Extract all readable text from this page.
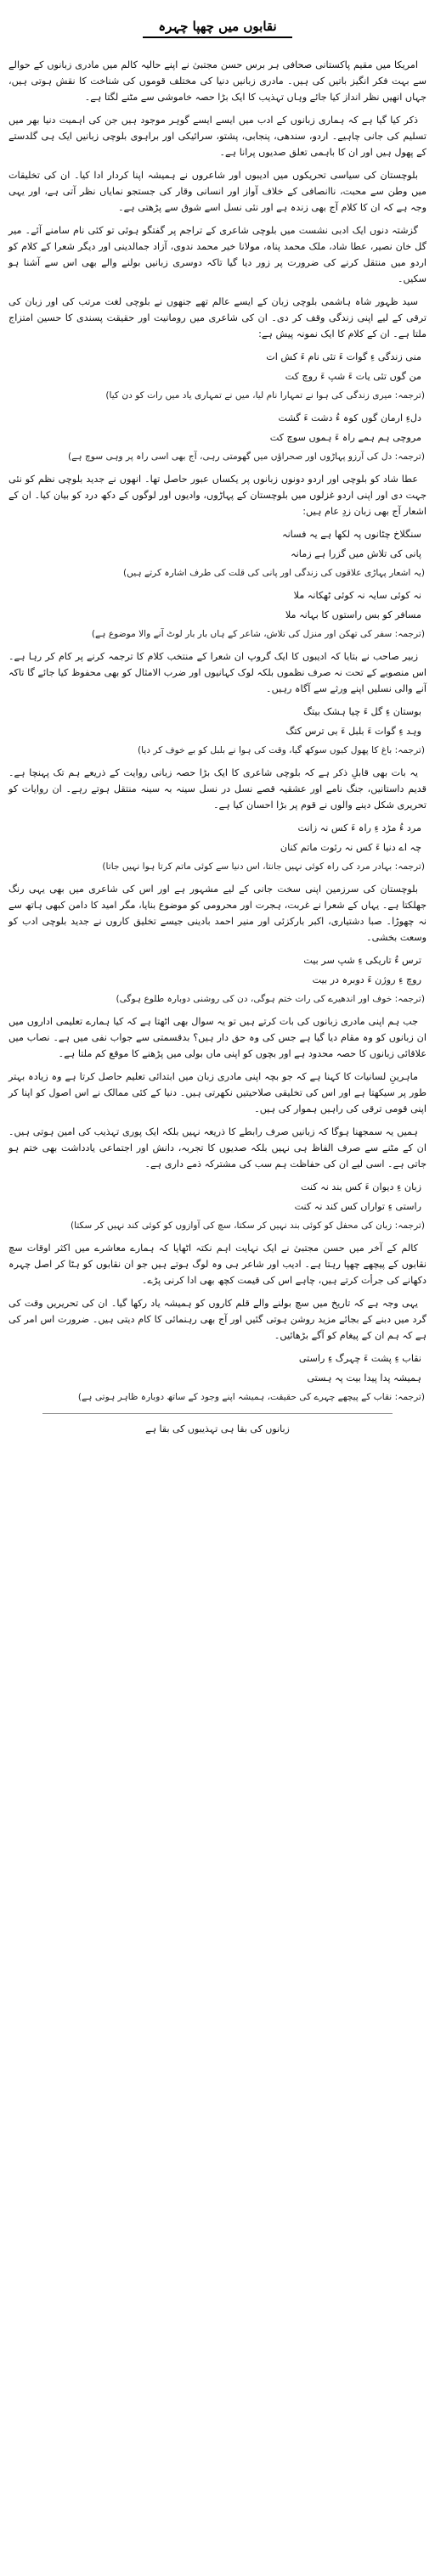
نقابوں میں چھپا چہرہ

امریکا میں مقیم پاکستانی صحافی ہر برس حسن مجتبیٰ نے اپنے حالیہ کالم میں مادری زبانوں کے حوالے سے بہت فکر انگیز باتیں کی ہیں۔ مادری زبانیں دنیا کی مختلف قوموں کی شناخت کا نقش ہوتی ہیں، جہاں انھیں نظر انداز کیا جائے وہاں تہذیب کا ایک بڑا حصہ خاموشی سے مٹنے لگتا ہے۔

ذکر کیا گیا ہے کہ ہماری زبانوں کے ادب میں ایسے ایسے گوہر موجود ہیں جن کی اہمیت دنیا بھر میں تسلیم کی جانی چاہیے۔ اردو، سندھی، پنجابی، پشتو، سرائیکی اور براہوی بلوچی زبانیں ایک ہی گلدستے کے پھول ہیں اور ان کا باہمی تعلق صدیوں پرانا ہے۔

بلوچستان کی سیاسی تحریکوں میں ادیبوں اور شاعروں نے ہمیشہ اپنا کردار ادا کیا۔ ان کی تخلیقات میں وطن سے محبت، ناانصافی کے خلاف آواز اور انسانی وقار کی جستجو نمایاں نظر آتی ہے، اور یہی وجہ ہے کہ ان کا کلام آج بھی زندہ ہے اور نئی نسل اسے شوق سے پڑھتی ہے۔

گزشتہ دنوں ایک ادبی نشست میں بلوچی شاعری کے تراجم پر گفتگو ہوئی تو کئی نام سامنے آئے۔ میر گل خان نصیر، عطا شاد، ملک محمد پناہ، مولانا خیر محمد ندوی، آزاد جمالدینی اور دیگر شعرا کے کلام کو اردو میں منتقل کرنے کی ضرورت پر زور دیا گیا تاکہ دوسری زبانیں بولنے والے بھی اس سے آشنا ہو سکیں۔

سید ظہور شاہ ہاشمی بلوچی زبان کے ایسے عالم تھے جنھوں نے بلوچی لغت مرتب کی اور زبان کی ترقی کے لیے اپنی زندگی وقف کر دی۔ ان کی شاعری میں رومانیت اور حقیقت پسندی کا حسین امتزاج ملتا ہے۔ ان کے کلام کا ایک نمونہ پیش ہے:

منی زندگی ءِ گوات ءَ تئی نام ءَ کش ات

من گوں تئی یات ءَ شپ ءَ روچ کت

(ترجمہ: میری زندگی کی ہوا نے تمہارا نام لیا، میں نے تمہاری یاد میں رات کو دن کیا)

دلءِ ارمان گوں کوہ ءُ دشت ءَ گشت

مروچی ہم ہمے راہ ءَ ہموں سوچ کت

(ترجمہ: دل کی آرزو پہاڑوں اور صحراؤں میں گھومتی رہی، آج بھی اسی راہ پر وہی سوچ ہے)

عطا شاد کو بلوچی اور اردو دونوں زبانوں پر یکساں عبور حاصل تھا۔ انھوں نے جدید بلوچی نظم کو نئی جہت دی اور اپنی اردو غزلوں میں بلوچستان کے پہاڑوں، وادیوں اور لوگوں کے دکھ درد کو بیان کیا۔ ان کے اشعار آج بھی زبان زدِ عام ہیں:

سنگلاخ چٹانوں پہ لکھا ہے یہ فسانہ

پانی کی تلاش میں گزرا ہے زمانہ

(یہ اشعار پہاڑی علاقوں کی زندگی اور پانی کی قلت کی طرف اشارہ کرتے ہیں)

نہ کوئی سایہ نہ کوئی ٹھکانہ ملا

مسافر کو بس راستوں کا بہانہ ملا

(ترجمہ: سفر کی تھکن اور منزل کی تلاش، شاعر کے ہاں بار بار لوٹ آنے والا موضوع ہے)

زبیر صاحب نے بتایا کہ ادیبوں کا ایک گروپ ان شعرا کے منتخب کلام کا ترجمہ کرنے پر کام کر رہا ہے۔ اس منصوبے کے تحت نہ صرف نظموں بلکہ لوک کہانیوں اور ضرب الامثال کو بھی محفوظ کیا جائے گا تاکہ آنے والی نسلیں اپنے ورثے سے آگاہ رہیں۔

بوستان ءِ گل ءَ چیا ہشک بیتگ

وہد ءِ گوات ءَ بلبل ءَ بی ترس کتگ

(ترجمہ: باغ کا پھول کیوں سوکھ گیا، وقت کی ہوا نے بلبل کو بے خوف کر دیا)

یہ بات بھی قابلِ ذکر ہے کہ بلوچی شاعری کا ایک بڑا حصہ زبانی روایت کے ذریعے ہم تک پہنچا ہے۔ قدیم داستانیں، جنگ نامے اور عشقیہ قصے نسل در نسل سینہ بہ سینہ منتقل ہوتے رہے۔ ان روایات کو تحریری شکل دینے والوں نے قوم پر بڑا احسان کیا ہے۔

مرد ءُ مڑد ءِ راہ ءَ کس نہ زانت

چہ اے دنیا ءَ کس نہ رئوت ماتم کنان

(ترجمہ: بہادر مرد کی راہ کوئی نہیں جانتا، اس دنیا سے کوئی ماتم کرتا ہوا نہیں جاتا)

بلوچستان کی سرزمین اپنی سخت جانی کے لیے مشہور ہے اور اس کی شاعری میں بھی یہی رنگ جھلکتا ہے۔ یہاں کے شعرا نے غربت، ہجرت اور محرومی کو موضوع بنایا، مگر امید کا دامن کبھی ہاتھ سے نہ چھوڑا۔ صبا دشتیاری، اکبر بارکزئی اور منیر احمد بادینی جیسے تخلیق کاروں نے جدید بلوچی ادب کو وسعت بخشی۔

ترس ءُ تاریکی ءِ شپ سر بیت

روچ ءِ روژن ءَ دوبرہ در بیت

(ترجمہ: خوف اور اندھیرے کی رات ختم ہوگی، دن کی روشنی دوبارہ طلوع ہوگی)

جب ہم اپنی مادری زبانوں کی بات کرتے ہیں تو یہ سوال بھی اٹھتا ہے کہ کیا ہمارے تعلیمی اداروں میں ان زبانوں کو وہ مقام دیا گیا ہے جس کی وہ حق دار ہیں؟ بدقسمتی سے جواب نفی میں ہے۔ نصاب میں علاقائی زبانوں کا حصہ محدود ہے اور بچوں کو اپنی ماں بولی میں پڑھنے کا موقع کم ملتا ہے۔

ماہرینِ لسانیات کا کہنا ہے کہ جو بچہ اپنی مادری زبان میں ابتدائی تعلیم حاصل کرتا ہے وہ زیادہ بہتر طور پر سیکھتا ہے اور اس کی تخلیقی صلاحیتیں نکھرتی ہیں۔ دنیا کے کئی ممالک نے اس اصول کو اپنا کر اپنی قومی ترقی کی راہیں ہموار کی ہیں۔

ہمیں یہ سمجھنا ہوگا کہ زبانیں صرف رابطے کا ذریعہ نہیں بلکہ ایک پوری تہذیب کی امین ہوتی ہیں۔ ان کے مٹنے سے صرف الفاظ ہی نہیں بلکہ صدیوں کا تجربہ، دانش اور اجتماعی یادداشت بھی ختم ہو جاتی ہے۔ اسی لیے ان کی حفاظت ہم سب کی مشترکہ ذمے داری ہے۔

زبان ءِ دیوان ءَ کس بند نہ کنت

راستی ءِ تواراں کس کند نہ کنت

(ترجمہ: زبان کی محفل کو کوئی بند نہیں کر سکتا، سچ کی آوازوں کو کوئی کند نہیں کر سکتا)

کالم کے آخر میں حسن مجتبیٰ نے ایک نہایت اہم نکتہ اٹھایا کہ ہمارے معاشرے میں اکثر اوقات سچ نقابوں کے پیچھے چھپا رہتا ہے۔ ادیب اور شاعر ہی وہ لوگ ہوتے ہیں جو ان نقابوں کو ہٹا کر اصل چہرہ دکھانے کی جرأت کرتے ہیں، چاہے اس کی قیمت کچھ بھی ادا کرنی پڑے۔

یہی وجہ ہے کہ تاریخ میں سچ بولنے والے قلم کاروں کو ہمیشہ یاد رکھا گیا۔ ان کی تحریریں وقت کی گرد میں دبنے کے بجائے مزید روشن ہوتی گئیں اور آج بھی رہنمائی کا کام دیتی ہیں۔ ضرورت اس امر کی ہے کہ ہم ان کے پیغام کو آگے بڑھائیں۔

نقاب ءِ پشت ءَ چہرگ ءِ راستی

ہمیشہ پدا پیدا بیت پہ ہستی

(ترجمہ: نقاب کے پیچھے چہرے کی حقیقت، ہمیشہ اپنے وجود کے ساتھ دوبارہ ظاہر ہوتی ہے)

زبانوں کی بقا ہی تہذیبوں کی بقا ہے
